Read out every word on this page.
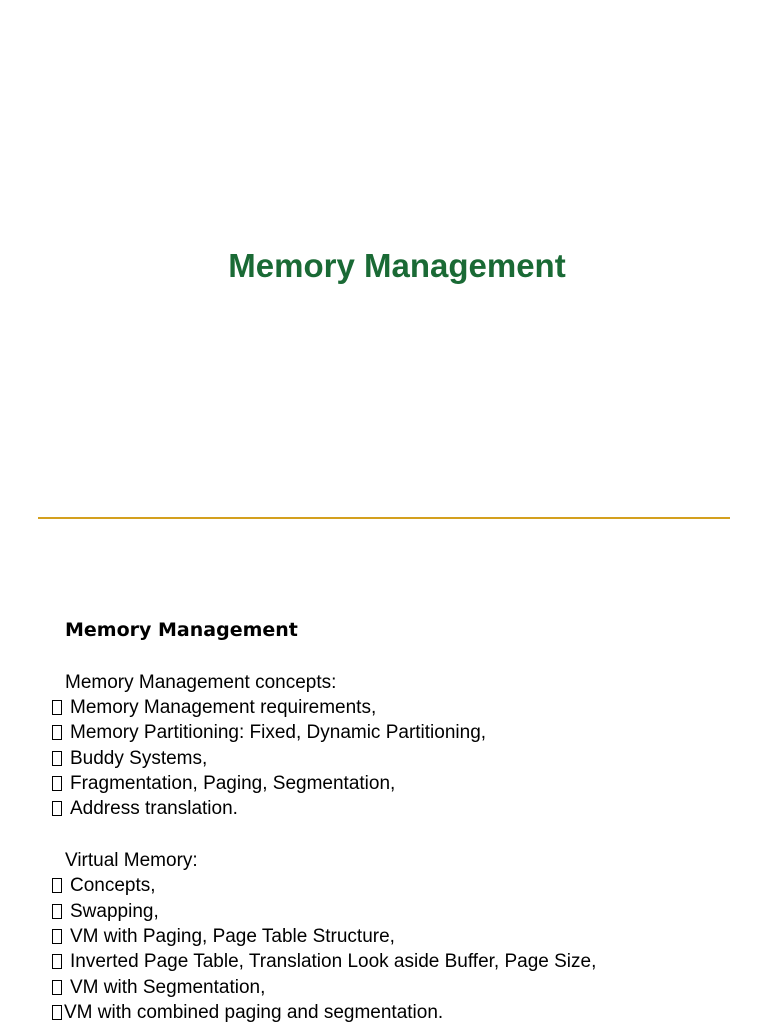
Memory Management
Memory Management
Memory Management concepts:
Memory Management requirements,
Memory Partitioning: Fixed, Dynamic Partitioning,
Buddy Systems,
Fragmentation, Paging, Segmentation,
Address translation.
Virtual Memory:
Concepts,
Swapping,
VM with Paging, Page Table Structure,
Inverted Page Table, Translation Look aside Buffer, Page Size,
VM with Segmentation,
VM with combined paging and segmentation.
